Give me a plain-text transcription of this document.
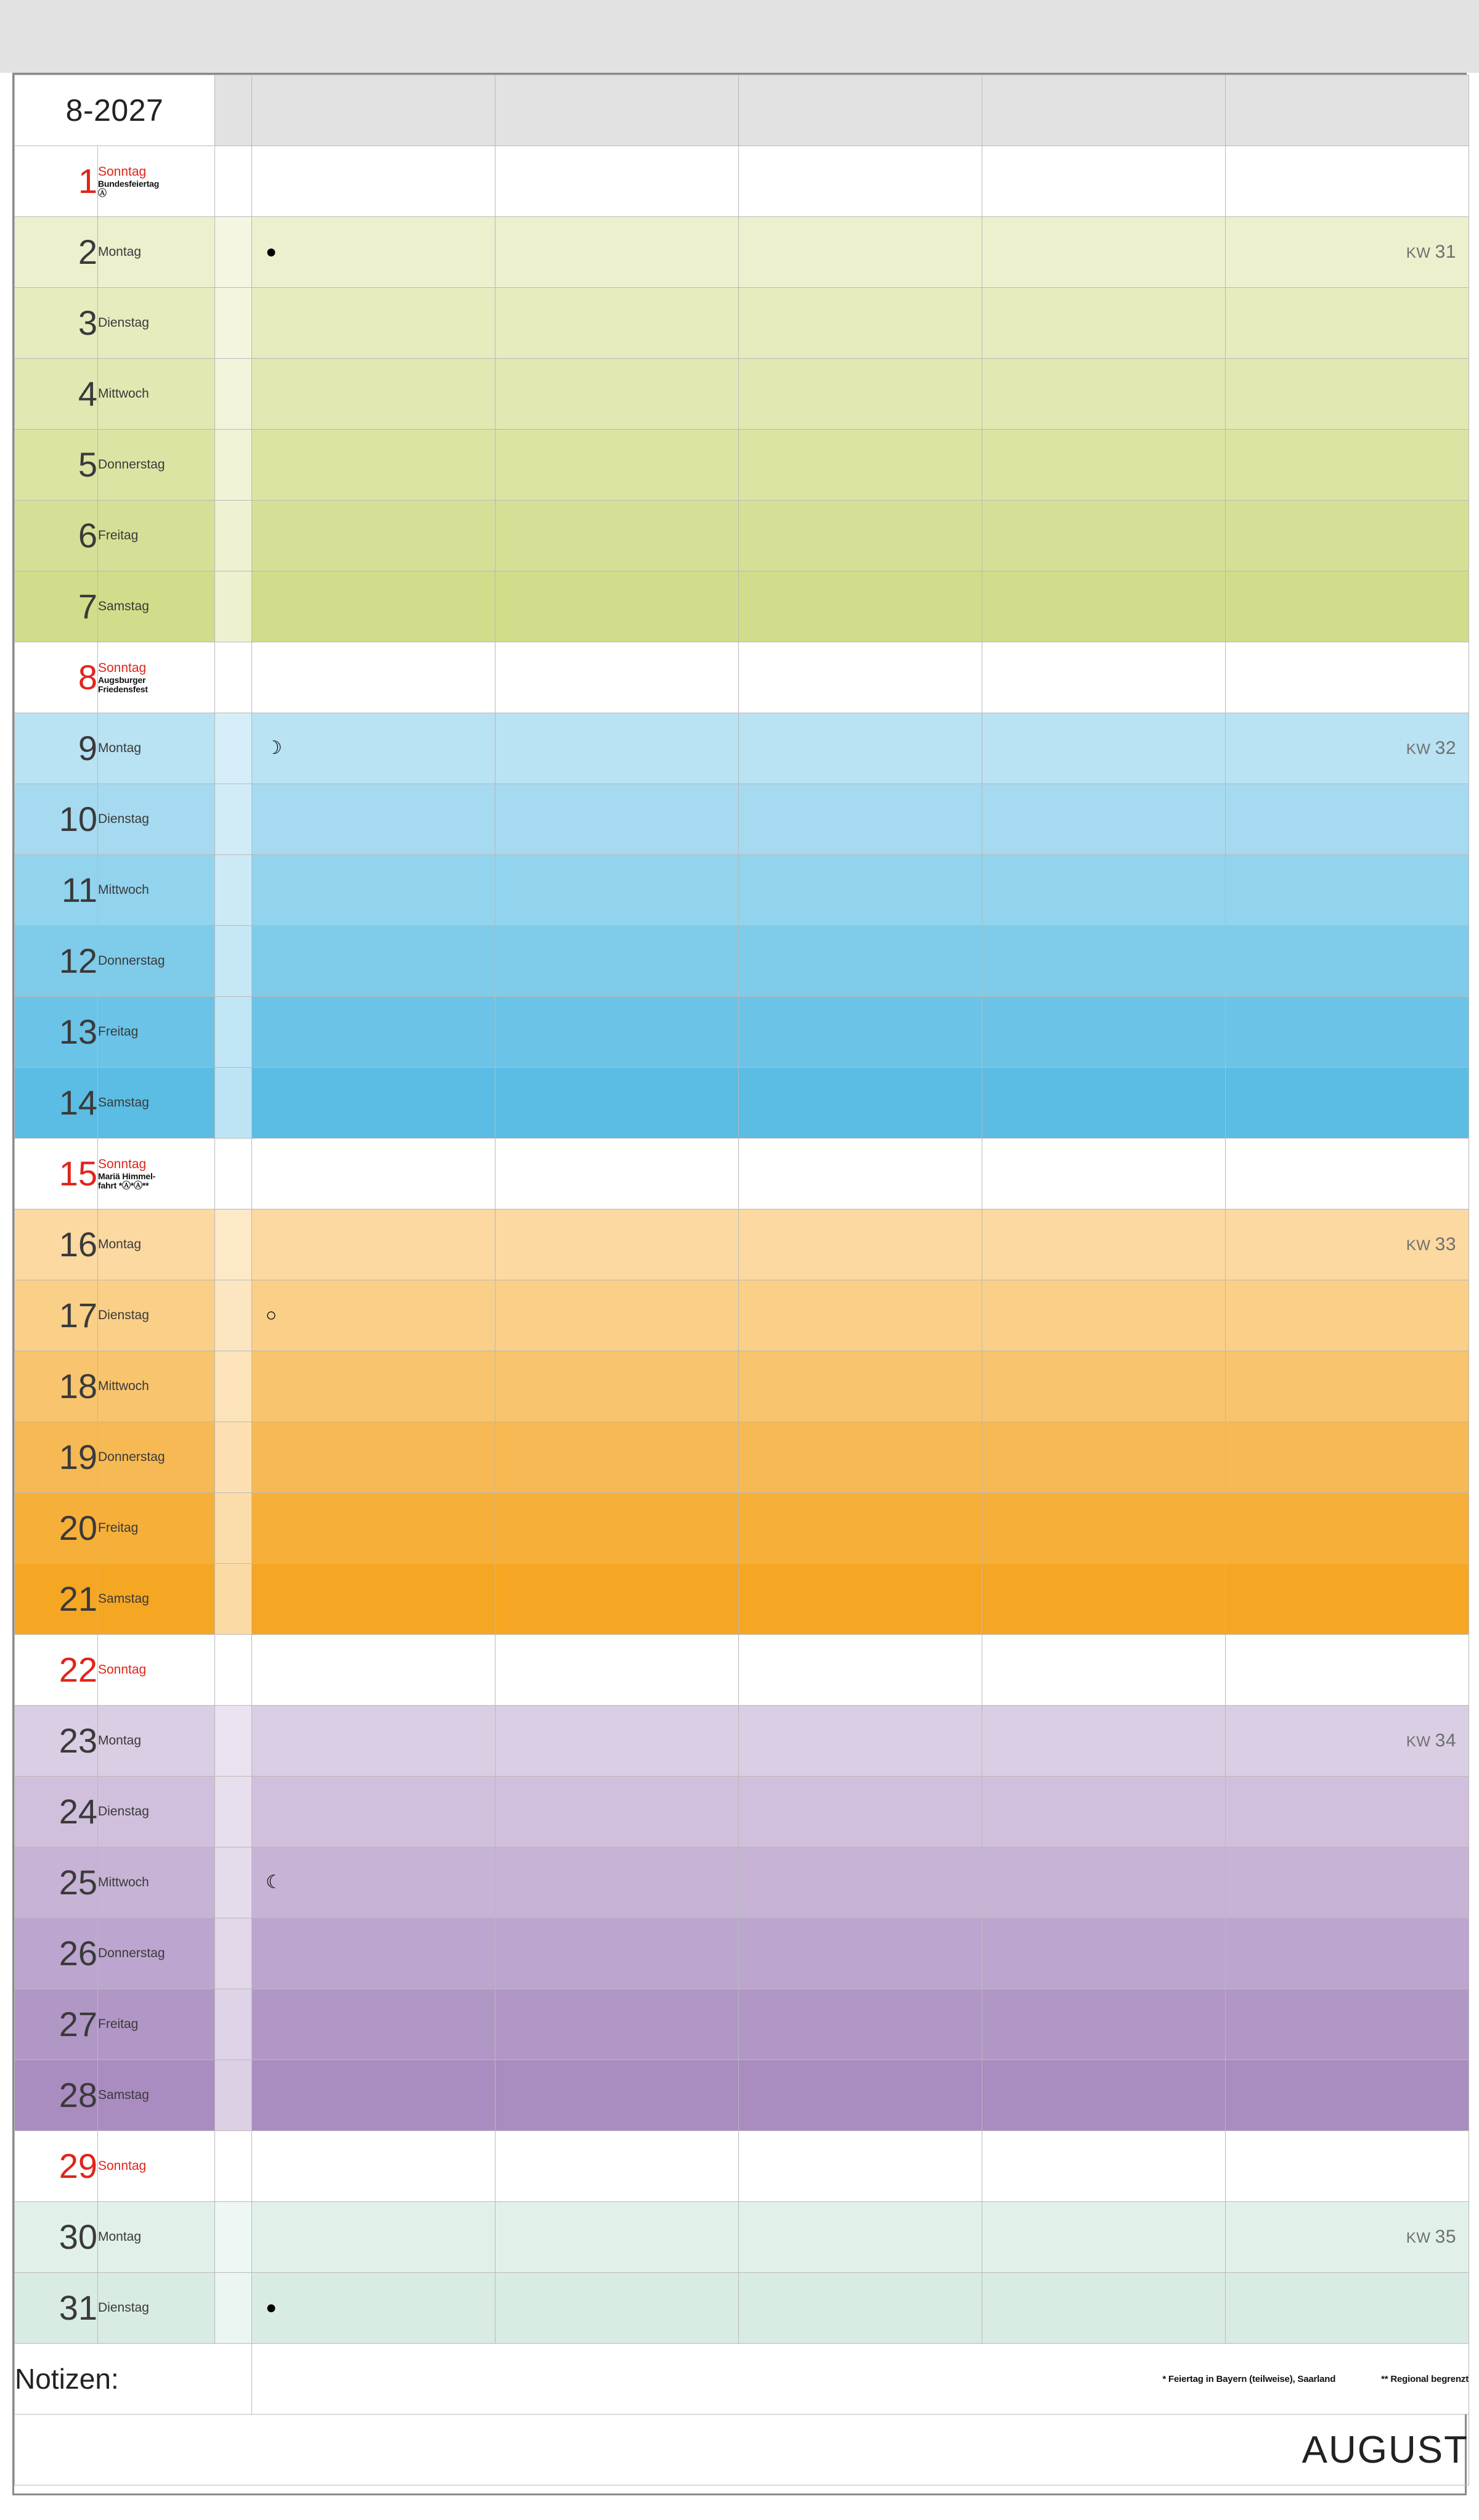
8-2027							
1	Sonntag
Bundesfeiertag
Ⓐ						

2	Montag		●				KW 31

3	Dienstag						

4	Mittwoch						

5	Donnerstag						

6	Freitag						

7	Samstag						

8	Sonntag
Augsburger
Friedensfest						

9	Montag		☽				KW 32

10	Dienstag						

11	Mittwoch						

12	Donnerstag						

13	Freitag						

14	Samstag						

15	Sonntag
Mariä Himmel-
fahrt *Ⓐ*Ⓐ**						

16	Montag						KW 33

17	Dienstag		○				

18	Mittwoch						

19	Donnerstag						

20	Freitag						

21	Samstag						

22	Sonntag						

23	Montag						KW 34

24	Dienstag						

25	Mittwoch		☾				

26	Donnerstag						

27	Freitag						

28	Samstag						

29	Sonntag						

30	Montag						KW 35

31	Dienstag		●				

Notizen:			* Feiertag in Bayern (teilweise), Saarland ** Regional begrenzt				
AUGUST							
